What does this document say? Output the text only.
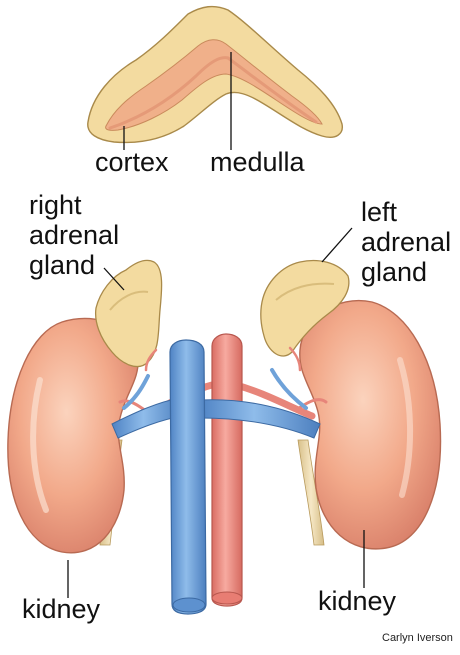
cortex medulla
right
adrenal
gland
left
adrenal
gland
kidney	kidney
Carlyn Iverson
